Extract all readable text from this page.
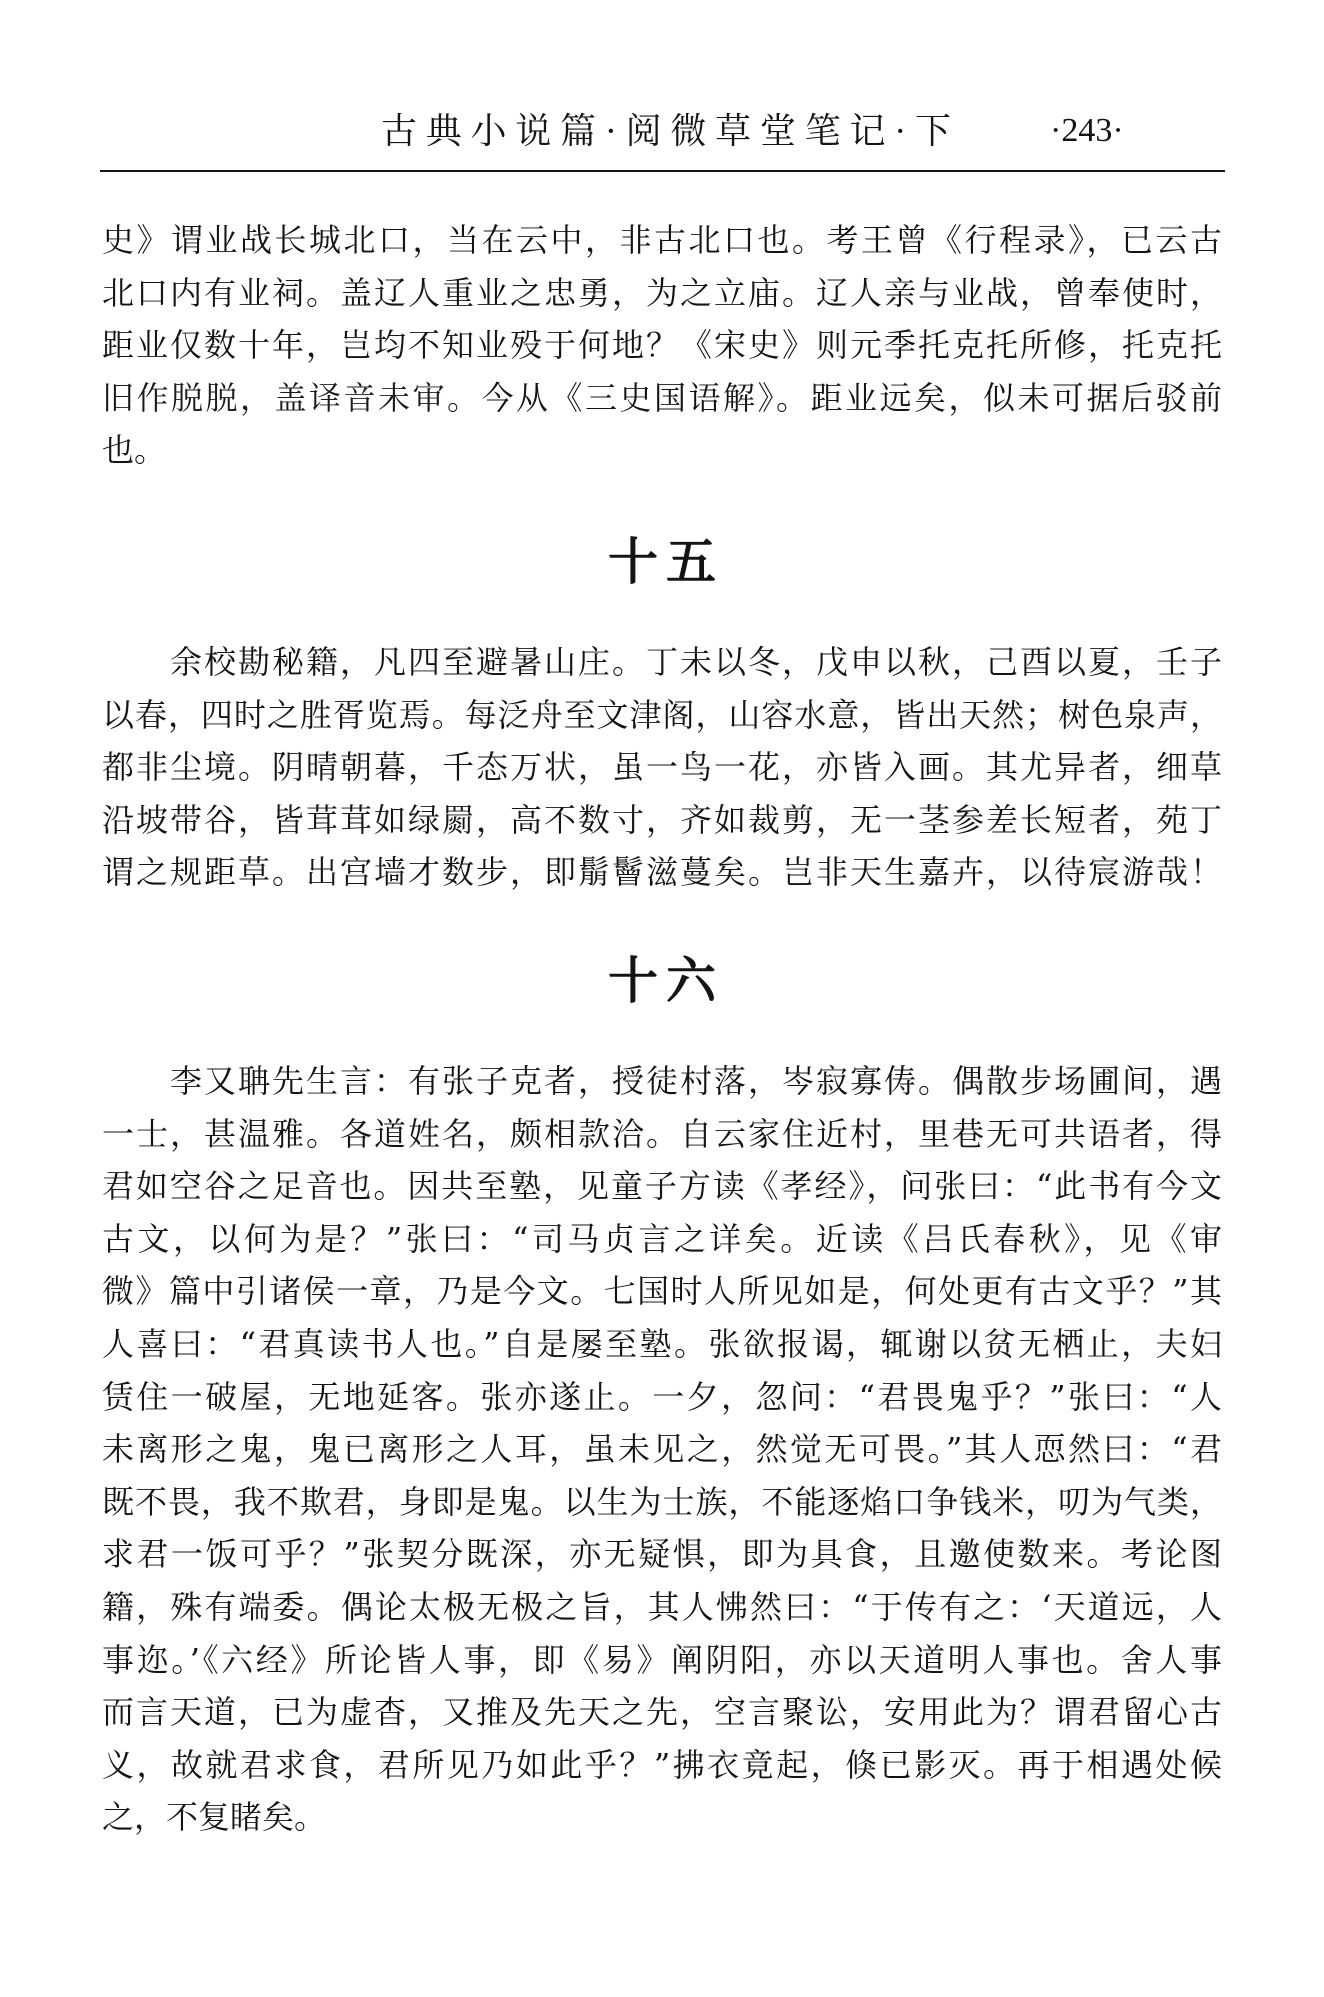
古典小说篇·阅微草堂笔记·下	·243·
史》谓业战长城北口，当在云中，非古北口也。考王曾《行程录》，已云古
北口内有业祠。盖辽人重业之忠勇，为之立庙。辽人亲与业战，曾奉使时，
距业仅数十年，岂均不知业殁于何地？《宋史》则元季托克托所修，托克托
旧作脱脱，盖译音未审。今从《三史国语解》。距业远矣，似未可据后驳前
也。
十五
余校勘秘籍，凡四至避暑山庄。丁未以冬，戊申以秋，己酉以夏，壬子
以春，四时之胜胥览焉。每泛舟至文津阁，山容水意，皆出天然；树色泉声，
都非尘境。阴晴朝暮，千态万状，虽一鸟一花，亦皆入画。其尤异者，细草
沿坡带谷，皆茸茸如绿罽，高不数寸，齐如裁剪，无一茎参差长短者，苑丁
谓之规距草。出宫墙才数步，即鬅鬙滋蔓矣。岂非天生嘉卉，以待宸游哉！
十六
李又聃先生言：有张子克者，授徒村落，岑寂寡俦。偶散步场圃间，遇
一士，甚温雅。各道姓名，颇相款洽。自云家住近村，里巷无可共语者，得
君如空谷之足音也。因共至塾，见童子方读《孝经》，问张曰：“此书有今文
古文，以何为是？”张曰：“司马贞言之详矣。近读《吕氏春秋》，见《审
微》篇中引诸侯一章，乃是今文。七国时人所见如是，何处更有古文乎？”其
人喜曰：“君真读书人也。”自是屡至塾。张欲报谒，辄谢以贫无栖止，夫妇
赁住一破屋，无地延客。张亦遂止。一夕，忽问：“君畏鬼乎？”张曰：“人
未离形之鬼，鬼已离形之人耳，虽未见之，然觉无可畏。”其人恧然曰：“君
既不畏，我不欺君，身即是鬼。以生为士族，不能逐焰口争钱米，叨为气类，
求君一饭可乎？”张契分既深，亦无疑惧，即为具食，且邀使数来。考论图
籍，殊有端委。偶论太极无极之旨，其人怫然曰：“于传有之：‘天道远，人
事迩。’《六经》所论皆人事，即《易》阐阴阳，亦以天道明人事也。舍人事
而言天道，已为虚杳，又推及先天之先，空言聚讼，安用此为？谓君留心古
义，故就君求食，君所见乃如此乎？”拂衣竟起，倏已影灭。再于相遇处候
之，不复睹矣。
